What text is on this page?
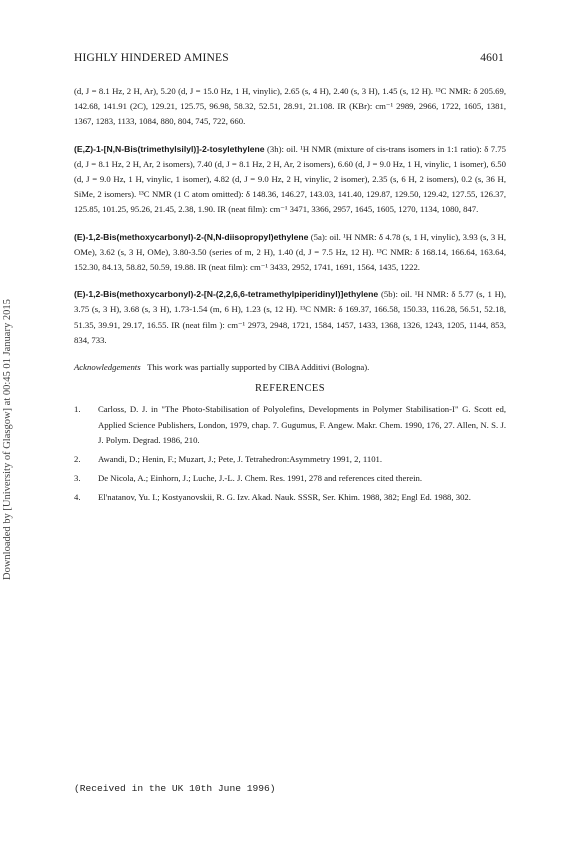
Downloaded by [University of Glasgow] at 00:45 01 January 2015
HIGHLY HINDERED AMINES	4601

(d, J = 8.1 Hz, 2 H, Ar), 5.20 (d, J = 15.0 Hz, 1 H, vinylic), 2.65 (s, 4 H), 2.40 (s, 3 H), 1.45 (s, 12 H). ¹³C NMR: δ 205.69, 142.68, 141.91 (2C), 129.21, 125.75, 96.98, 58.32, 52.51, 28.91, 21.108. IR (KBr): cm⁻¹ 2989, 2966, 1722, 1605, 1381, 1367, 1283, 1133, 1084, 880, 804, 745, 722, 660.

(E,Z)-1-[N,N-Bis(trimethylsilyl)]-2-tosylethylene (3h): oil. ¹H NMR (mixture of cis-trans isomers in 1:1 ratio): δ 7.75 (d, J = 8.1 Hz, 2 H, Ar, 2 isomers), 7.40 (d, J = 8.1 Hz, 2 H, Ar, 2 isomers), 6.60 (d, J = 9.0 Hz, 1 H, vinylic, 1 isomer), 6.50 (d, J = 9.0 Hz, 1 H, vinylic, 1 isomer), 4.82 (d, J = 9.0 Hz, 2 H, vinylic, 2 isomer), 2.35 (s, 6 H, 2 isomers), 0.2 (s, 36 H, SiMe, 2 isomers). ¹³C NMR (1 C atom omitted): δ 148.36, 146.27, 143.03, 141.40, 129.87, 129.50, 129.42, 127.55, 126.37, 125.85, 101.25, 95.26, 21.45, 2.38, 1.90. IR (neat film): cm⁻¹ 3471, 3366, 2957, 1645, 1605, 1270, 1134, 1080, 847.

(E)-1,2-Bis(methoxycarbonyl)-2-(N,N-diisopropyl)ethylene (5a): oil. ¹H NMR: δ 4.78 (s, 1 H, vinylic), 3.93 (s, 3 H, OMe), 3.62 (s, 3 H, OMe), 3.80-3.50 (series of m, 2 H), 1.40 (d, J = 7.5 Hz, 12 H). ¹³C NMR: δ 168.14, 166.64, 163.64, 152.30, 84.13, 58.82, 50.59, 19.88. IR (neat film): cm⁻¹ 3433, 2952, 1741, 1691, 1564, 1435, 1222.

(E)-1,2-Bis(methoxycarbonyl)-2-[N-(2,2,6,6-tetramethylpiperidinyl)]ethylene (5b): oil. ¹H NMR: δ 5.77 (s, 1 H), 3.75 (s, 3 H), 3.68 (s, 3 H), 1.73-1.54 (m, 6 H), 1.23 (s, 12 H). ¹³C NMR: δ 169.37, 166.58, 150.33, 116.28, 56.51, 52.18, 51.35, 39.91, 29.17, 16.55. IR (neat film ): cm⁻¹ 2973, 2948, 1721, 1584, 1457, 1433, 1368, 1326, 1243, 1205, 1144, 853, 834, 733.

Acknowledgements This work was partially supported by CIBA Additivi (Bologna).

REFERENCES
1.	Carloss, D. J. in "The Photo-Stabilisation of Polyolefins, Developments in Polymer Stabilisation-I" G. Scott ed, Applied Science Publishers, London, 1979, chap. 7. Gugumus, F. Angew. Makr. Chem. 1990, 176, 27. Allen, N. S. J. J. Polym. Degrad. 1986, 210.
2.	Awandi, D.; Henin, F.; Muzart, J.; Pete, J. Tetrahedron:Asymmetry 1991, 2, 1101.
3.	De Nicola, A.; Einhorn, J.; Luche, J.-L. J. Chem. Res. 1991, 278 and references cited therein.
4.	El'natanov, Yu. I.; Kostyanovskii, R. G. Izv. Akad. Nauk. SSSR, Ser. Khim. 1988, 382; Engl Ed. 1988, 302.
(Received in the UK 10th June 1996)
